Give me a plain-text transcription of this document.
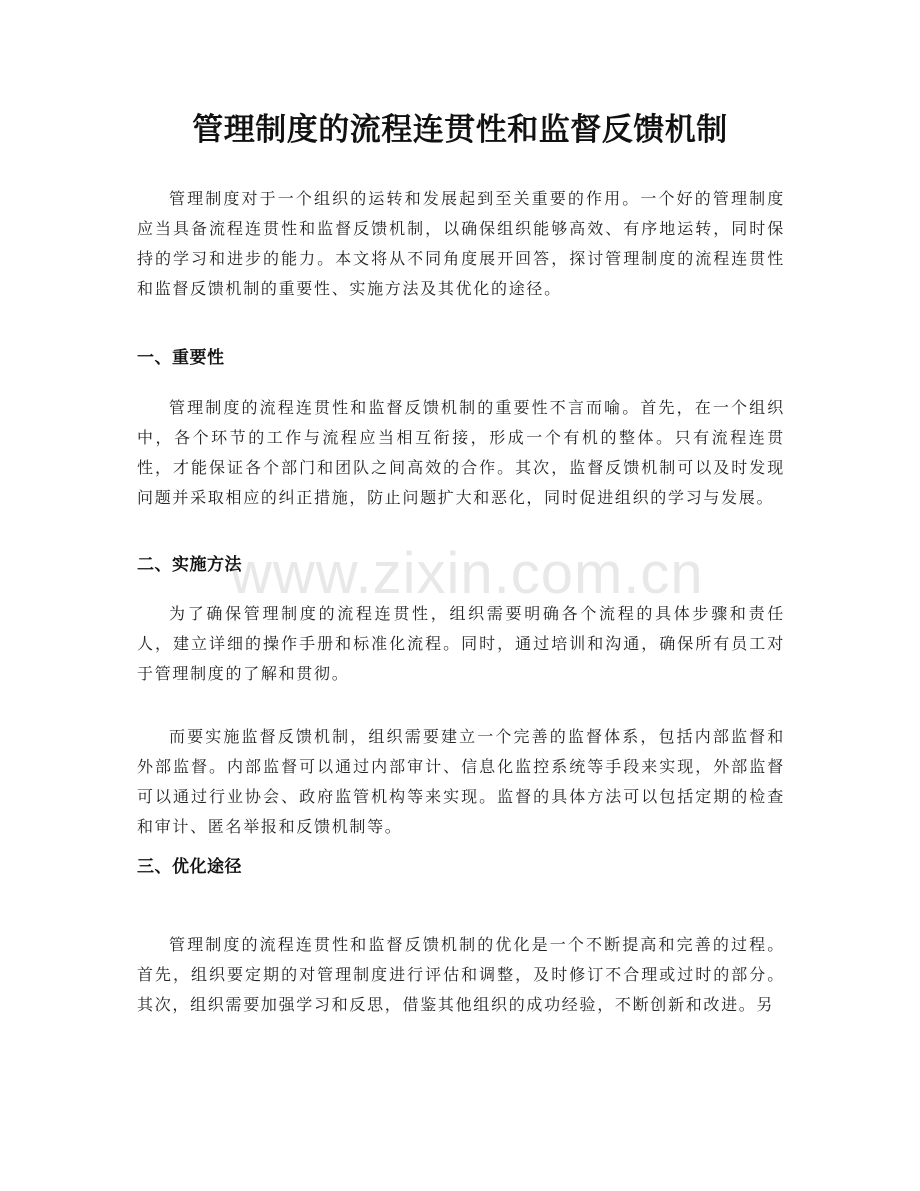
管理制度的流程连贯性和监督反馈机制

管理制度对于一个组织的运转和发展起到至关重要的作用。一个好的管理制度应当具备流程连贯性和监督反馈机制，以确保组织能够高效、有序地运转，同时保持的学习和进步的能力。本文将从不同角度展开回答，探讨管理制度的流程连贯性和监督反馈机制的重要性、实施方法及其优化的途径。

一、重要性

管理制度的流程连贯性和监督反馈机制的重要性不言而喻。首先，在一个组织中，各个环节的工作与流程应当相互衔接，形成一个有机的整体。只有流程连贯性，才能保证各个部门和团队之间高效的合作。其次，监督反馈机制可以及时发现问题并采取相应的纠正措施，防止问题扩大和恶化，同时促进组织的学习与发展。

二、实施方法

为了确保管理制度的流程连贯性，组织需要明确各个流程的具体步骤和责任人，建立详细的操作手册和标准化流程。同时，通过培训和沟通，确保所有员工对于管理制度的了解和贯彻。

而要实施监督反馈机制，组织需要建立一个完善的监督体系，包括内部监督和外部监督。内部监督可以通过内部审计、信息化监控系统等手段来实现，外部监督可以通过行业协会、政府监管机构等来实现。监督的具体方法可以包括定期的检查和审计、匿名举报和反馈机制等。

三、优化途径

管理制度的流程连贯性和监督反馈机制的优化是一个不断提高和完善的过程。首先，组织要定期的对管理制度进行评估和调整，及时修订不合理或过时的部分。其次，组织需要加强学习和反思，借鉴其他组织的成功经验，不断创新和改进。另

www.zixin.com.cn
